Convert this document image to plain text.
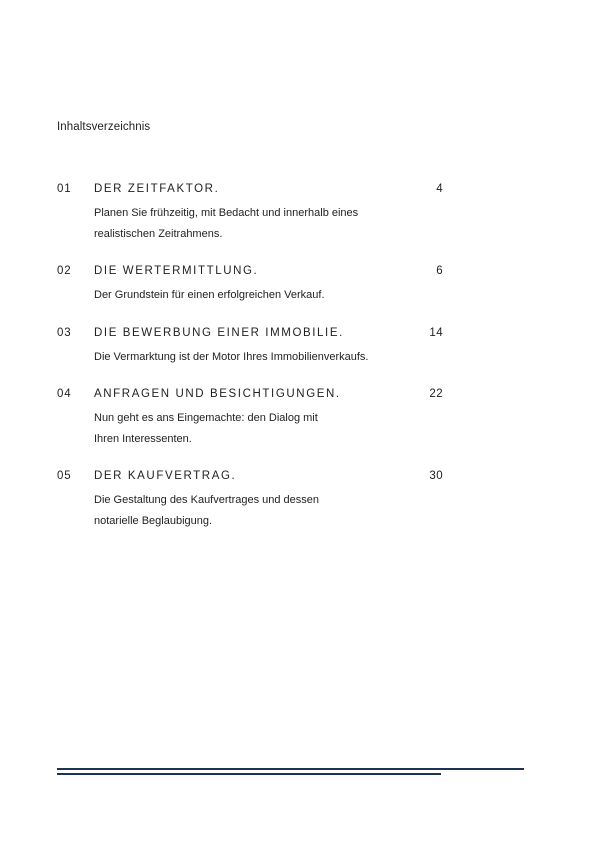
Inhaltsverzeichnis
01 DER ZEITFAKTOR.	4
Planen Sie frühzeitig, mit Bedacht und innerhalb eines
realistischen Zeitrahmens.
02 DIE WERTERMITTLUNG.	6
Der Grundstein für einen erfolgreichen Verkauf.
03 DIE BEWERBUNG EINER IMMOBILIE.	14
Die Vermarktung ist der Motor Ihres Immobilienverkaufs.
04 ANFRAGEN UND BESICHTIGUNGEN.	22
Nun geht es ans Eingemachte: den Dialog mit
Ihren Interessenten.
05 DER KAUFVERTRAG.	30
Die Gestaltung des Kaufvertrages und dessen
notarielle Beglaubigung.
